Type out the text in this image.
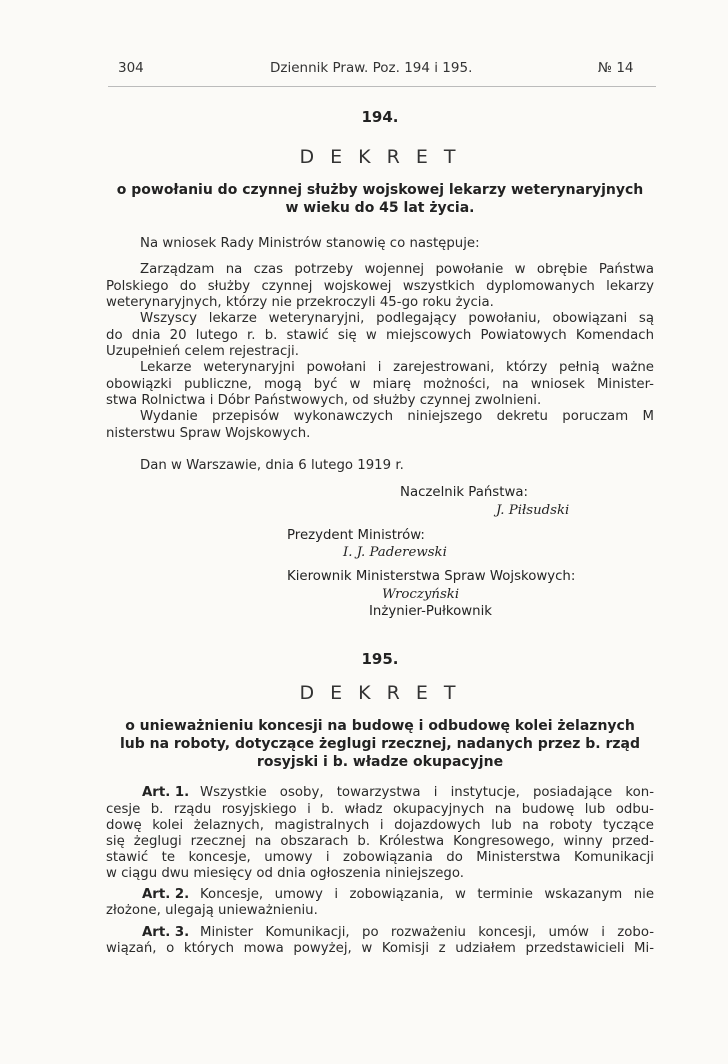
304	Dziennik Praw. Poz. 194 i 195.	№ 14
194.
D E K R E T
o powołaniu do czynnej służby wojskowej lekarzy weterynaryjnych
w wieku do 45 lat życia.
Na wniosek Rady Ministrów stanowię co następuje:
Zarządzam na czas potrzeby wojennej powołanie w obrębie Państwa
Polskiego do służby czynnej wojskowej wszystkich dyplomowanych lekarzy
weterynaryjnych, którzy nie przekroczyli 45-go roku życia.
Wszyscy lekarze weterynaryjni, podlegający powołaniu, obowiązani są
do dnia 20 lutego r. b. stawić się w miejscowych Powiatowych Komendach
Uzupełnień celem rejestracji.
Lekarze weterynaryjni powołani i zarejestrowani, którzy pełnią ważne
obowiązki publiczne, mogą być w miarę możności, na wniosek Minister-
stwa Rolnictwa i Dóbr Państwowych, od służby czynnej zwolnieni.
Wydanie przepisów wykonawczych niniejszego dekretu poruczam M
nisterstwu Spraw Wojskowych.
Dan w Warszawie, dnia 6 lutego 1919 r.
Naczelnik Państwa:
J. Piłsudski
Prezydent Ministrów:
I. J. Paderewski
Kierownik Ministerstwa Spraw Wojskowych:
Wroczyński
Inżynier-Pułkownik
195.
D E K R E T
o unieważnieniu koncesji na budowę i odbudowę kolei żelaznych
lub na roboty, dotyczące żeglugi rzecznej, nadanych przez b. rząd
rosyjski i b. władze okupacyjne
Art. 1. Wszystkie osoby, towarzystwa i instytucje, posiadające kon-
cesje b. rządu rosyjskiego i b. władz okupacyjnych na budowę lub odbu-
dowę kolei żelaznych, magistralnych i dojazdowych lub na roboty tyczące
się żeglugi rzecznej na obszarach b. Królestwa Kongresowego, winny przed-
stawić te koncesje, umowy i zobowiązania do Ministerstwa Komunikacji
w ciągu dwu miesięcy od dnia ogłoszenia niniejszego.
Art. 2. Koncesje, umowy i zobowiązania, w terminie wskazanym nie
złożone, ulegają unieważnieniu.
Art. 3. Minister Komunikacji, po rozważeniu koncesji, umów i zobo-
wiązań, o których mowa powyżej, w Komisji z udziałem przedstawicieli Mi-
